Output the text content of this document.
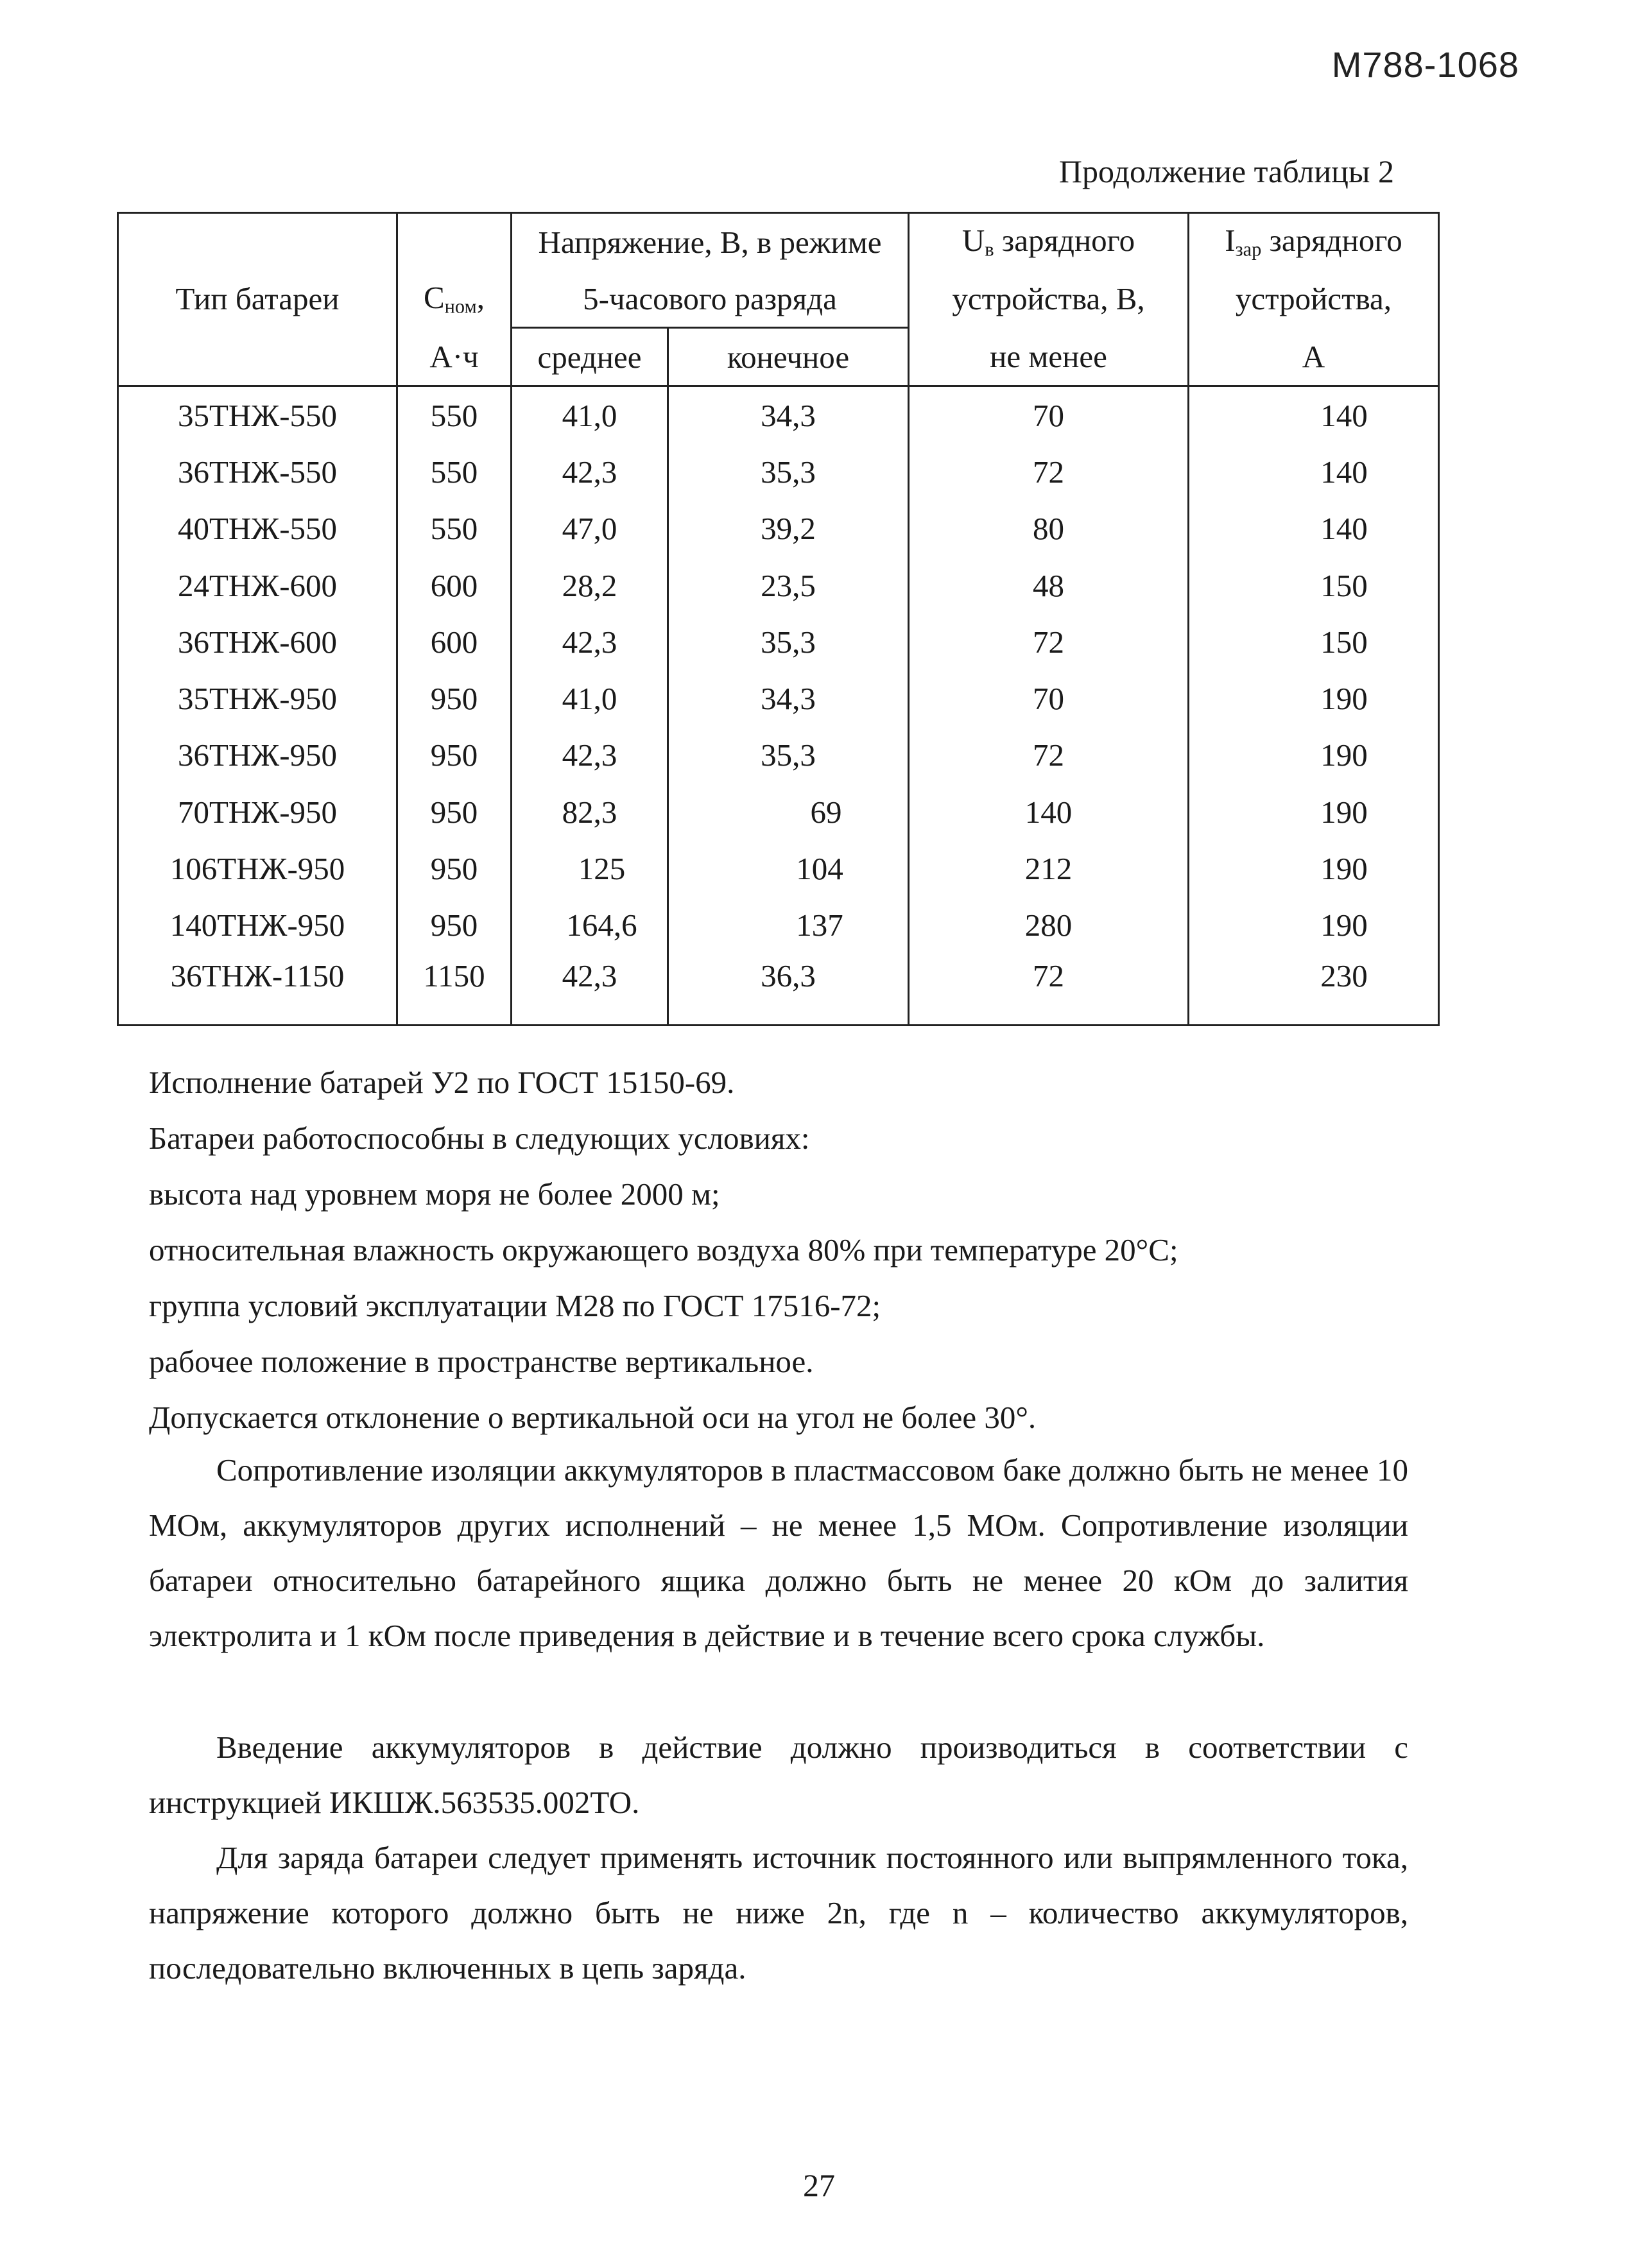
М788-1068
Продолжение таблицы 2
		Напряжение, В, в режиме		$U_в$ зарядного	$I_{зар}$ зарядного
Тип батареи	$С_{ном}$,	5-часового разряда		устройства, В,	устройства,
	А·ч	среднее	конечное	не менее	А
35ТНЖ-550	550	41,0	34,3	70	140
36ТНЖ-550	550	42,3	35,3	72	140
40ТНЖ-550	550	47,0	39,2	80	140
24ТНЖ-600	600	28,2	23,5	48	150
36ТНЖ-600	600	42,3	35,3	72	150
35ТНЖ-950	950	41,0	34,3	70	190
36ТНЖ-950	950	42,3	35,3	72	190
70ТНЖ-950	950	82,3	69	140	190
106ТНЖ-950	950	125	104	212	190
140ТНЖ-950	950	164,6	137	280	190
36ТНЖ-1150	1150	42,3	36,3	72	230
Исполнение батарей У2 по ГОСТ 15150-69.
Батареи работоспособны в следующих условиях:
высота над уровнем моря не более 2000 м;
относительная влажность окружающего воздуха 80% при температуре 20°С;
группа условий эксплуатации М28 по ГОСТ 17516-72;
рабочее положение в пространстве вертикальное.
Допускается отклонение о вертикальной оси на угол не более 30°.
Сопротивление изоляции аккумуляторов в пластмассовом баке должно быть не менее 10 МОм, аккумуляторов других исполнений – не менее 1,5 МОм. Сопротивление изоляции батареи относительно батарейного ящика должно быть не менее 20 кОм до залития электролита и 1 кОм после приведения в действие и в течение всего срока службы.
Введение аккумуляторов в действие должно производиться в соответствии с инструкцией ИКШЖ.563535.002ТО.
Для заряда батареи следует применять источник постоянного или выпрямленного тока, напряжение которого должно быть не ниже 2n, где n – количество аккумуляторов, последовательно включенных в цепь заряда.
27
